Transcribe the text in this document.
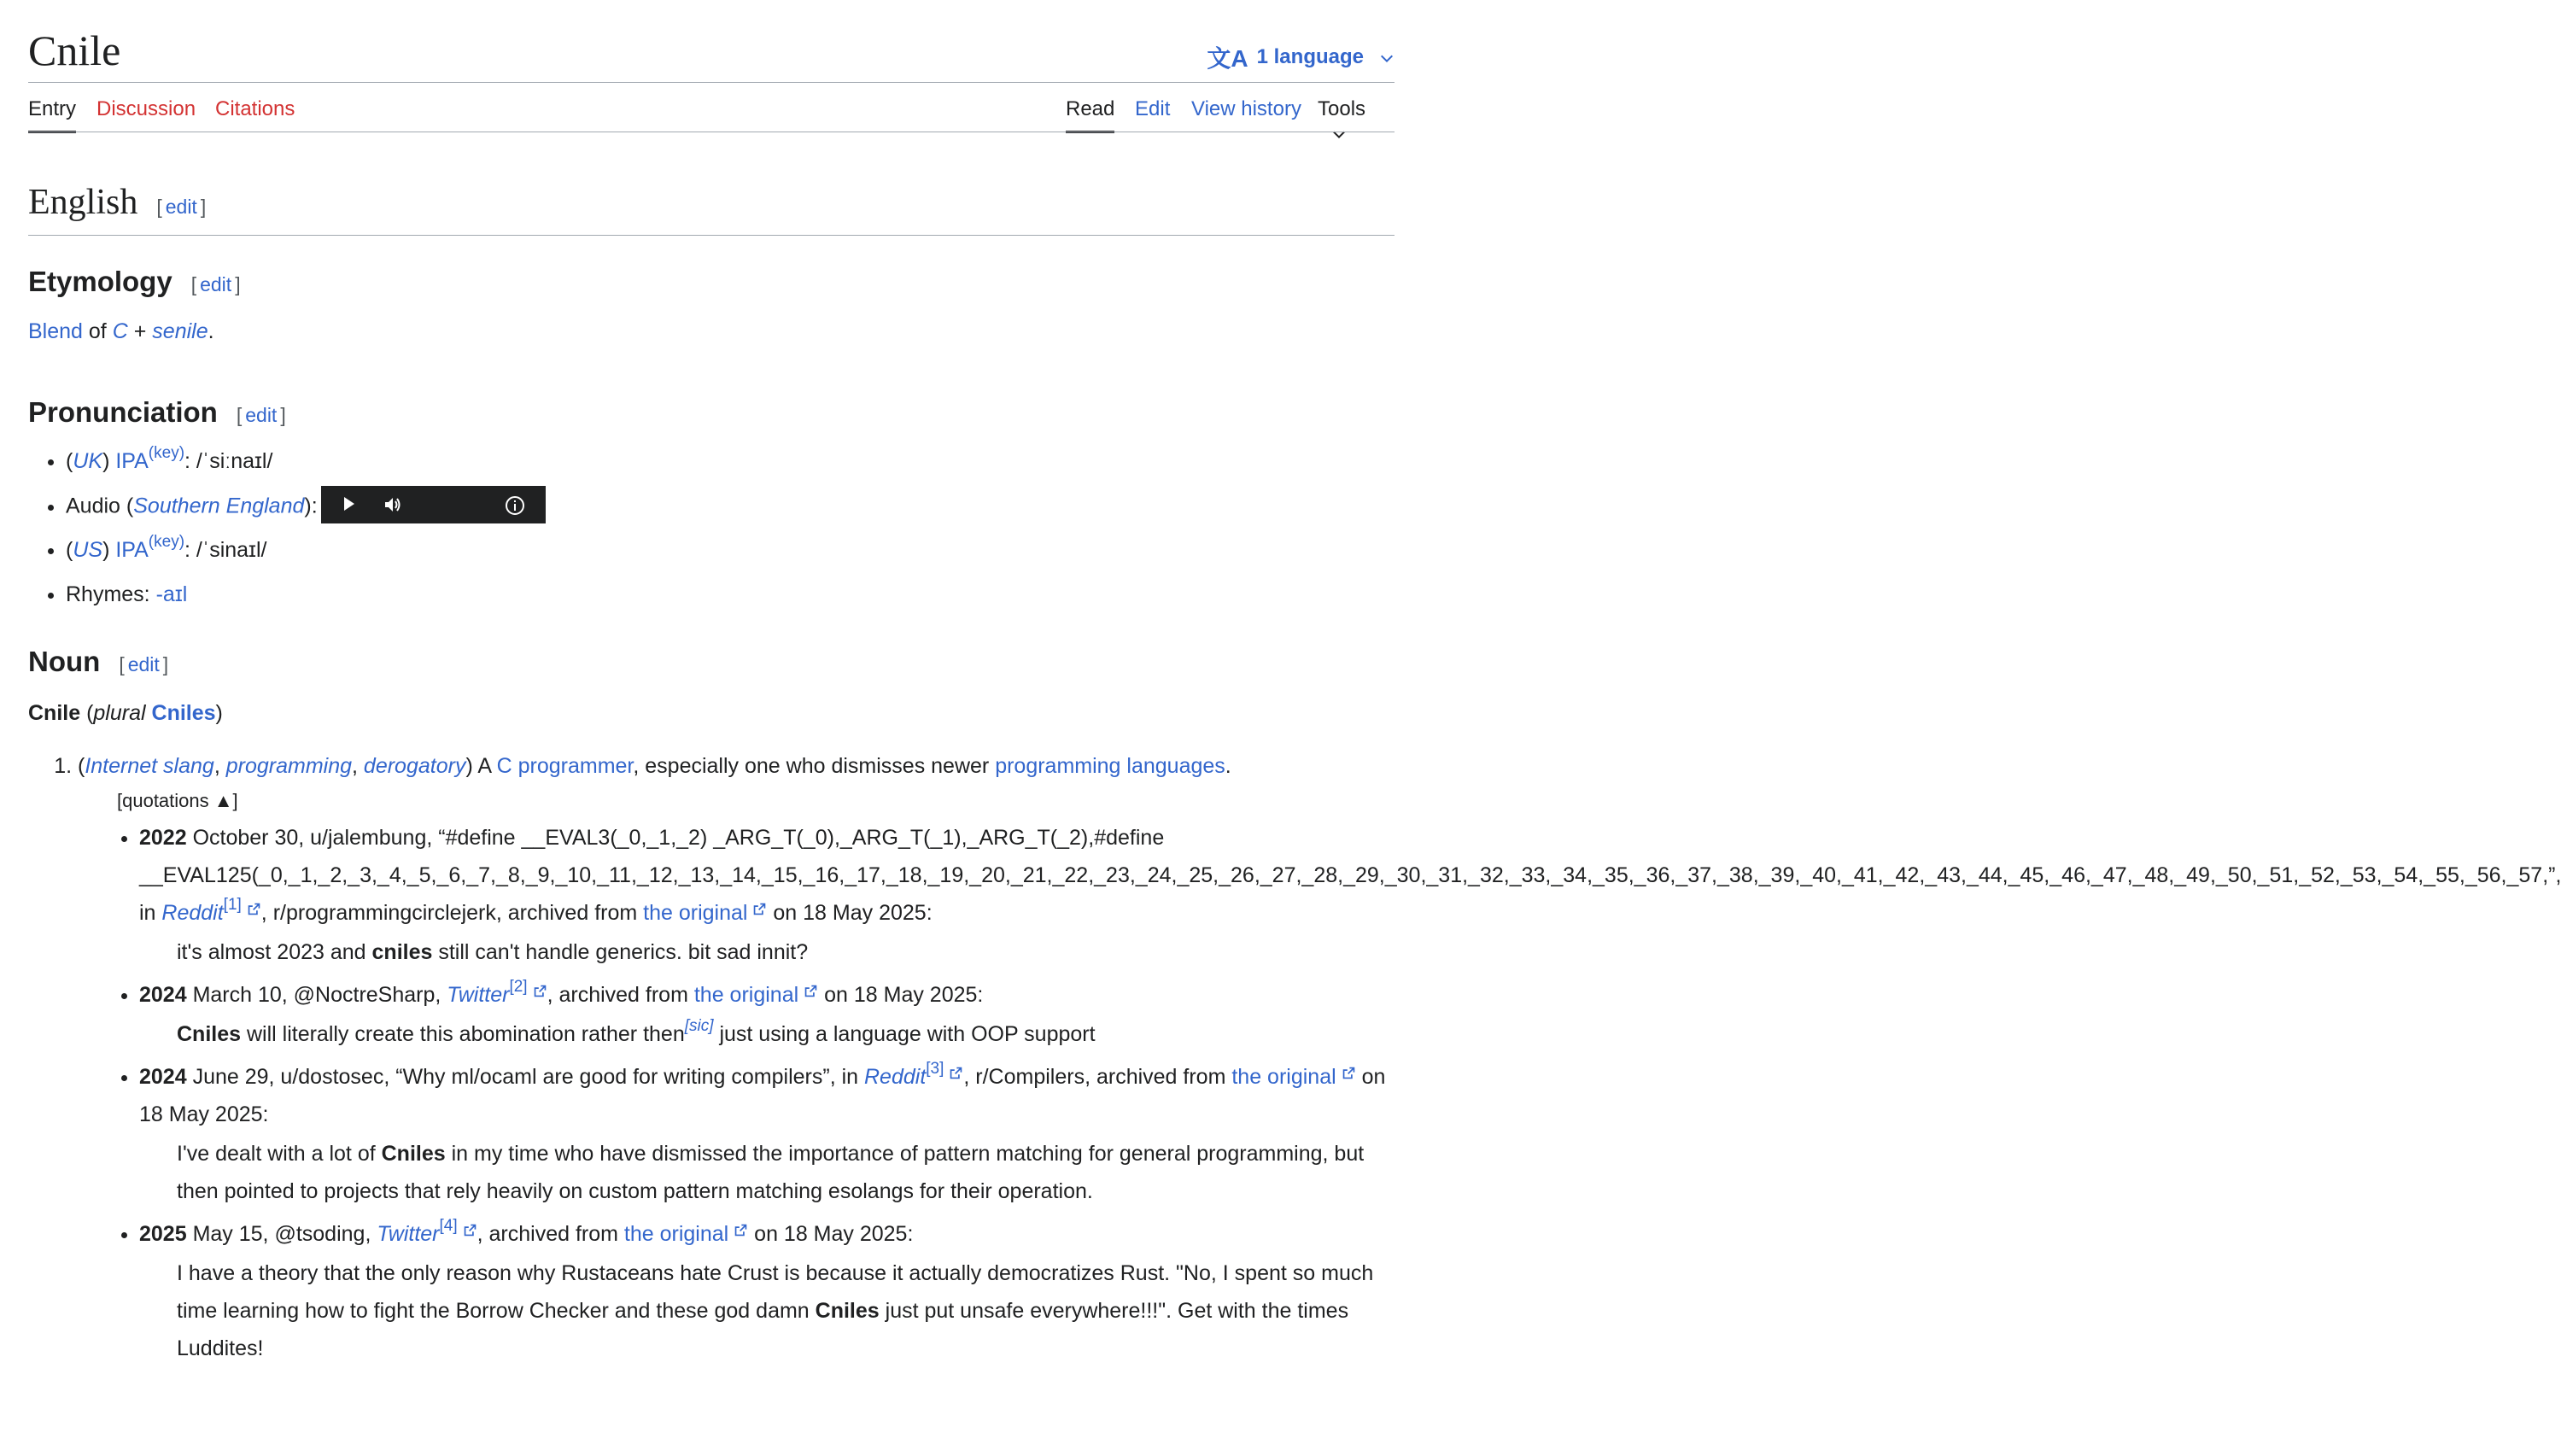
Cnile	文A 1 language
Entry Discussion Citations	Read Edit View history Tools
English [ edit ]
Etymology [ edit ]
Blend of C + senile.
Pronunciation [ edit ]
• (UK) $IPA^{(key)}$: /ˈsiːnaɪl/
• Audio (Southern England):
• (US) $IPA^{(key)}$: /ˈsinaɪl/
• Rhymes: -aɪl
Noun [ edit ]
Cnile (plural Cniles)
1. (Internet slang, programming, derogatory) A C programmer, especially one who dismisses newer programming languages.
[quotations ▲]
• 2022 October 30, u/jalembung, “#define __EVAL3(_0,_1,_2) _ARG_T(_0),_ARG_T(_1),_ARG_T(_2),#define __EVAL125(_0,_1,_2,_3,_4,_5,_6,_7,_8,_9,_10,_11,_12,_13,_14,_15,_16,_17,_18,_19,_20,_21,_22,_23,_24,_25,_26,_27,_28,_29,_30,_31,_32,_33,_34,_35,_36,_37,_38,_39,_40,_41,_42,_43,_44,_45,_46,_47,_48,_49,_50,_51,_52,_53,_54,_55,_56,_57,”, in Reddit[1] , r/programmingcirclejerk, archived from the original on 18 May 2025:
it's almost 2023 and cniles still can't handle generics. bit sad innit?
• 2024 March 10, @NoctreSharp, Twitter[2] , archived from the original on 18 May 2025:
Cniles will literally create this abomination rather then[sic] just using a language with OOP support
• 2024 June 29, u/dostosec, “Why ml/ocaml are good for writing compilers”, in Reddit[3] , r/Compilers, archived from the original on 18 May 2025:
I've dealt with a lot of Cniles in my time who have dismissed the importance of pattern matching for general programming, but then pointed to projects that rely heavily on custom pattern matching esolangs for their operation.
• 2025 May 15, @tsoding, Twitter[4] , archived from the original on 18 May 2025:
I have a theory that the only reason why Rustaceans hate Crust is because it actually democratizes Rust. "No, I spent so much time learning how to fight the Borrow Checker and these god damn Cniles just put unsafe everywhere!!!". Get with the times Luddites!
